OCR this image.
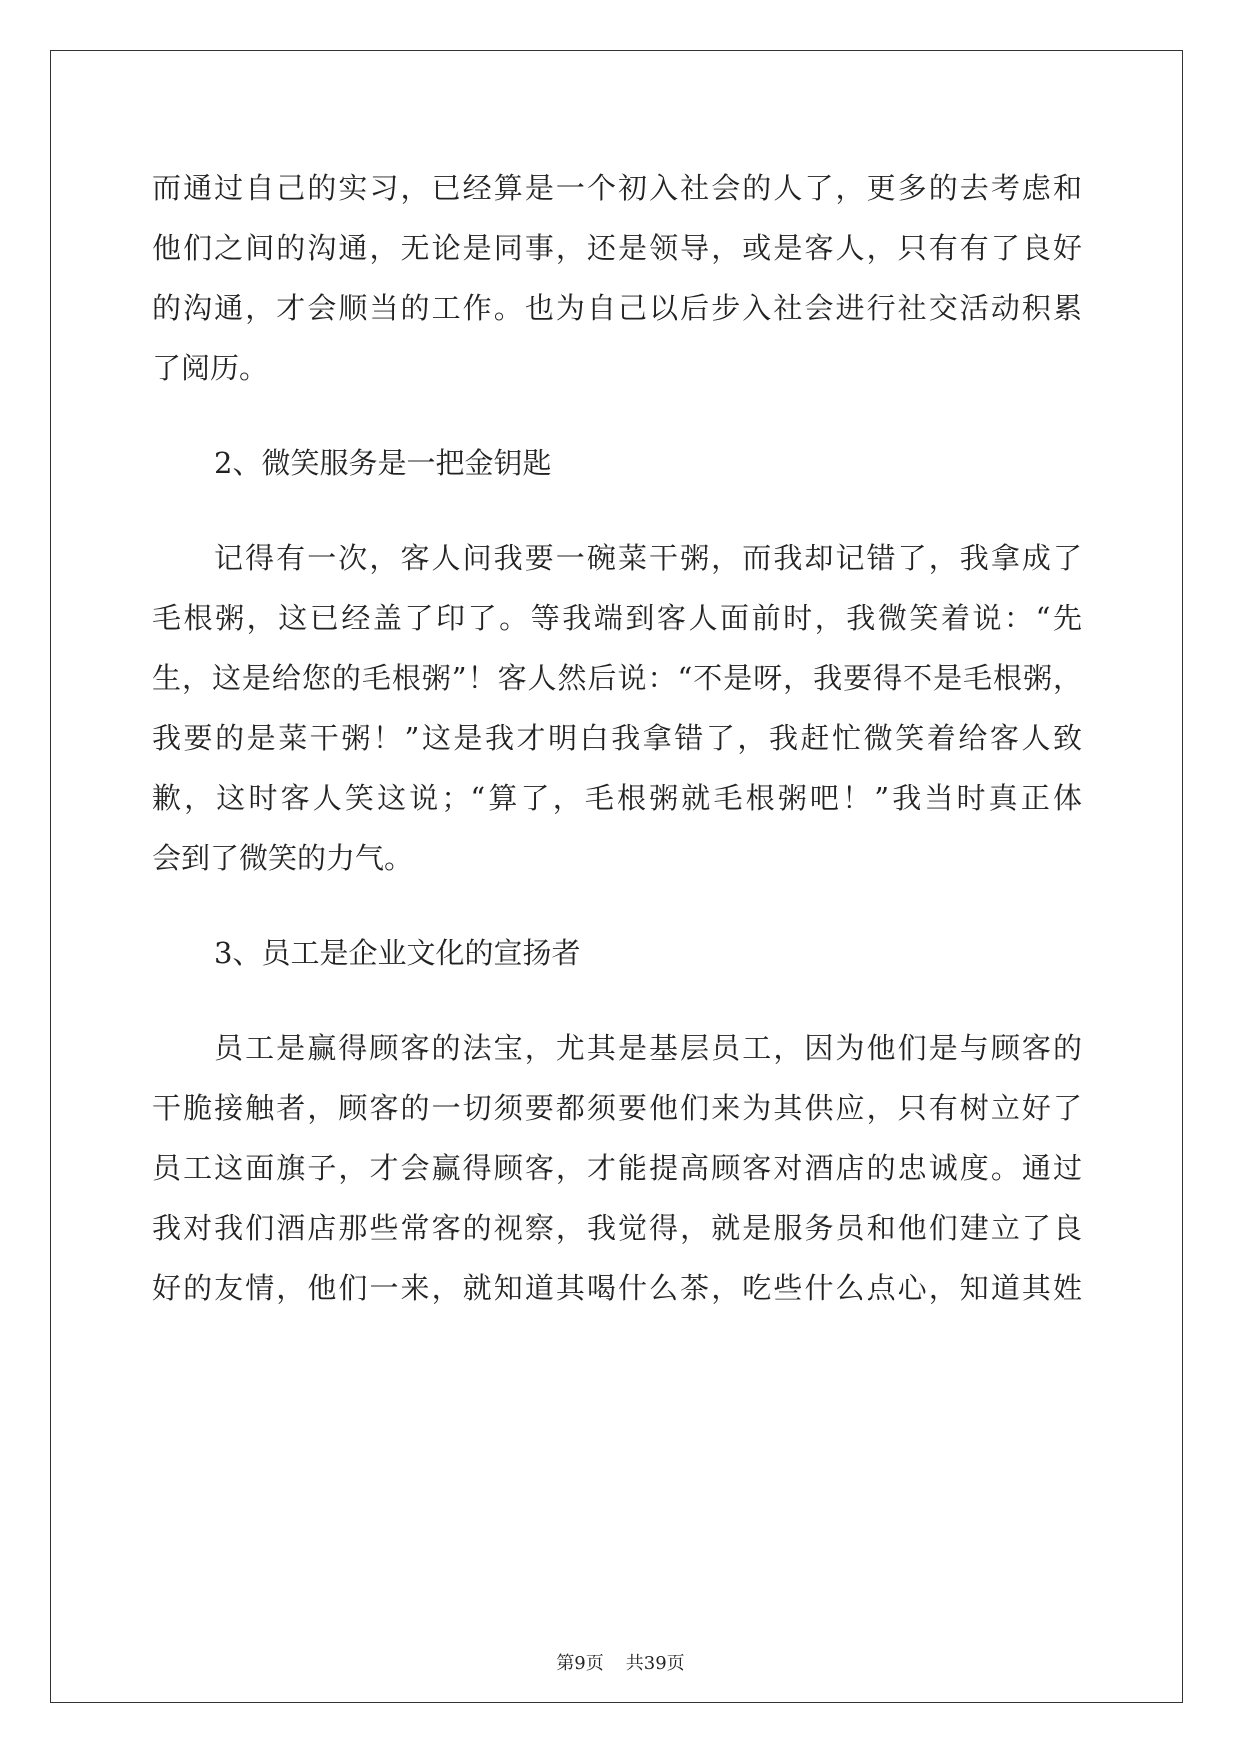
而通过自己的实习，已经算是一个初入社会的人了，更多的去考虑和
他们之间的沟通，无论是同事，还是领导，或是客人，只有有了良好
的沟通，才会顺当的工作。也为自己以后步入社会进行社交活动积累
了阅历。
2、微笑服务是一把金钥匙
记得有一次，客人问我要一碗菜干粥，而我却记错了，我拿成了
毛根粥，这已经盖了印了。等我端到客人面前时，我微笑着说：“先
生，这是给您的毛根粥”！客人然后说：“不是呀，我要得不是毛根粥，
我要的是菜干粥！”这是我才明白我拿错了，我赶忙微笑着给客人致
歉，这时客人笑这说；“算了，毛根粥就毛根粥吧！”我当时真正体
会到了微笑的力气。
3、员工是企业文化的宣扬者
员工是赢得顾客的法宝，尤其是基层员工，因为他们是与顾客的
干脆接触者，顾客的一切须要都须要他们来为其供应，只有树立好了
员工这面旗子，才会赢得顾客，才能提高顾客对酒店的忠诚度。通过
我对我们酒店那些常客的视察，我觉得，就是服务员和他们建立了良
好的友情，他们一来，就知道其喝什么茶，吃些什么点心，知道其姓
第9页 共39页
